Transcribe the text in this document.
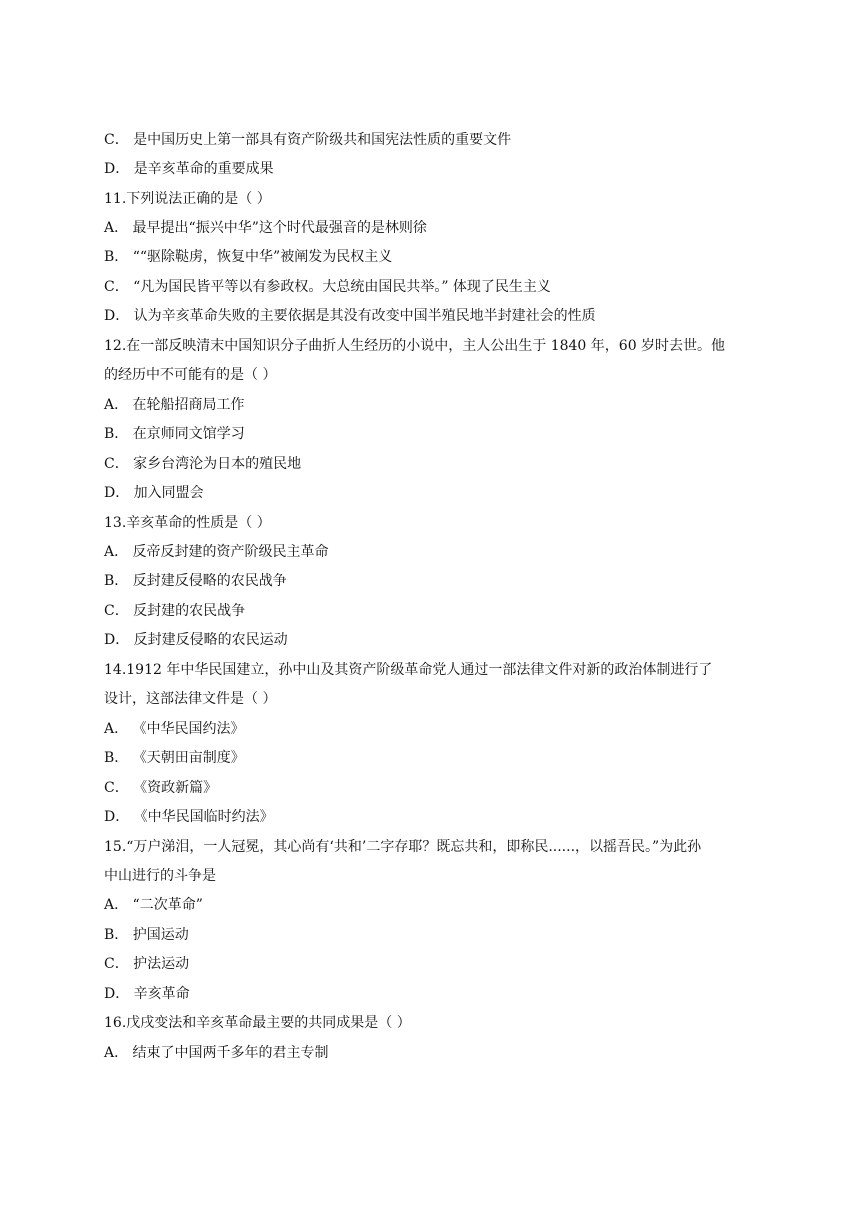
C． 是中国历史上第一部具有资产阶级共和国宪法性质的重要文件
D． 是辛亥革命的重要成果
11.下列说法正确的是（ ）
A． 最早提出“振兴中华”这个时代最强音的是林则徐
B． ““驱除鞑虏，恢复中华”被阐发为民权主义
C． “凡为国民皆平等以有参政权。大总统由国民共举。” 体现了民生主义
D． 认为辛亥革命失败的主要依据是其没有改变中国半殖民地半封建社会的性质
12.在一部反映清末中国知识分子曲折人生经历的小说中，主人公出生于 1840 年，60 岁时去世。他
的经历中不可能有的是（ ）
A． 在轮船招商局工作
B． 在京师同文馆学习
C． 家乡台湾沦为日本的殖民地
D． 加入同盟会
13.辛亥革命的性质是（ ）
A． 反帝反封建的资产阶级民主革命
B． 反封建反侵略的农民战争
C． 反封建的农民战争
D． 反封建反侵略的农民运动
14.1912 年中华民国建立，孙中山及其资产阶级革命党人通过一部法律文件对新的政治体制进行了
设计，这部法律文件是（ ）
A． 《中华民国约法》
B． 《天朝田亩制度》
C． 《资政新篇》
D． 《中华民国临时约法》
15.“万户涕泪，一人冠冕，其心尚有‘共和’二字存耶？既忘共和，即称民......，以摇吾民。”为此孙
中山进行的斗争是
A． “二次革命”
B． 护国运动
C． 护法运动
D． 辛亥革命
16.戊戌变法和辛亥革命最主要的共同成果是（ ）
A． 结束了中国两千多年的君主专制
